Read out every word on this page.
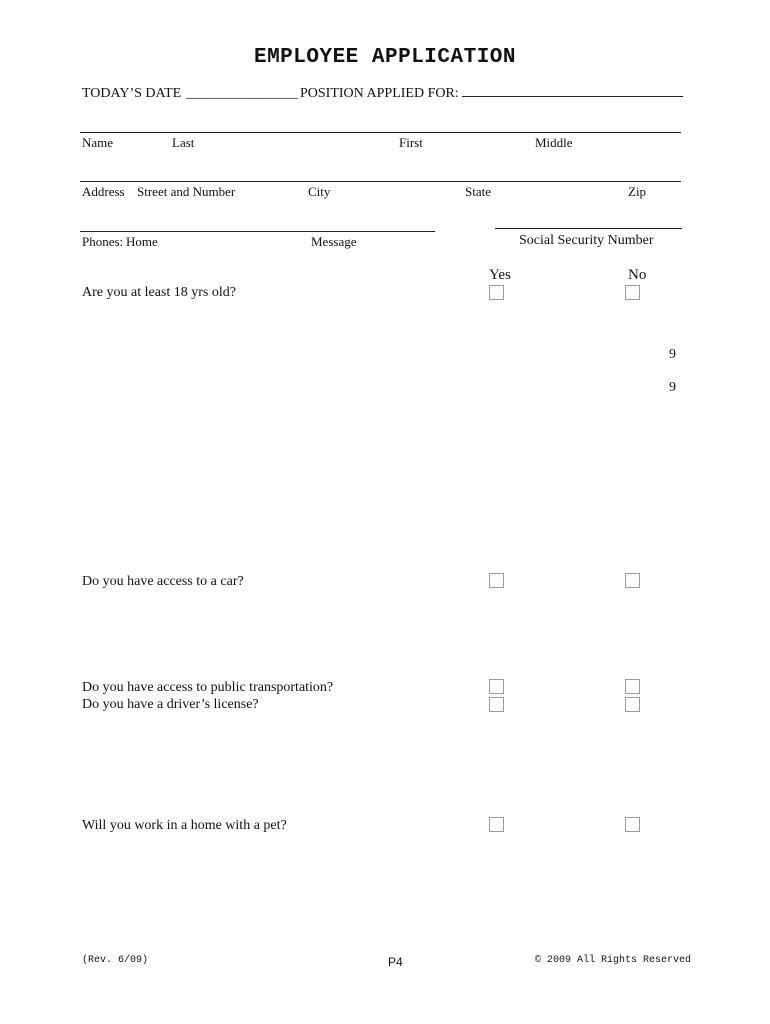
EMPLOYEE APPLICATION
TODAY’S DATE ________________ POSITION APPLIED FOR:
Name	Last	First	Middle
Address Street and Number	City	State	Zip
Phones: Home	Message	Social Security Number
Yes	No
Are you at least 18 yrs old?
9
9
Do you have access to a car?
Do you have access to public transportation?
Do you have a driver’s license?
Will you work in a home with a pet?
(Rev. 6/09)	P4	© 2009 All Rights Reserved
